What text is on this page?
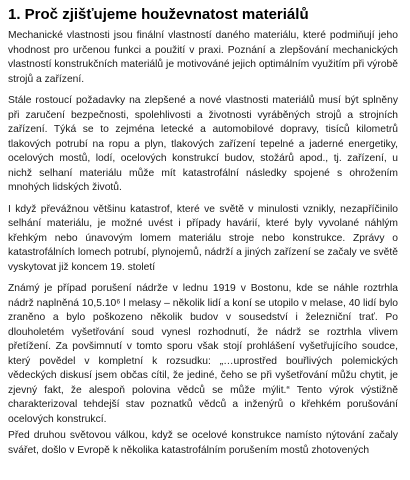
1. Proč zjišťujeme houževnatost materiálů

Mechanické vlastnosti jsou finální vlastností daného materiálu, které podmiňují jeho vhodnost pro určenou funkci a použití v praxi. Poznání a zlepšování mechanických vlastností konstrukčních materiálů je motivováné jejich optimálním využitím při výrobě strojů a zařízení.

Stále rostoucí požadavky na zlepšené a nové vlastnosti materiálů musí být splněny při zaručení bezpečnosti, spolehlivosti a životnosti vyráběných strojů a strojních zařízení. Týká se to zejména letecké a automobilové dopravy, tisíců kilometrů tlakových potrubí na ropu a plyn, tlakových zařízení tepelné a jaderné energetiky, ocelových mostů, lodí, ocelových konstrukcí budov, stožárů apod., tj. zařízení, u nichž selhaní materiálu může mít katastrofální následky spojené s ohrožením mnohých lidských životů.

I když převážnou většinu katastrof, které ve světě v minulosti vznikly, nezapříčinilo selhání materiálu, je možné uvést i případy havárií, které byly vyvolané náhlým křehkým nebo únavovým lomem materiálu stroje nebo konstrukce. Zprávy o katastrofálních lomech potrubí, plynojemů, nádrží a jiných zařízení se začaly ve světě vyskytovat již koncem 19. století

Známý je případ porušení nádrže v lednu 1919 v Bostonu, kde se náhle roztrhla nádrž naplněná 10,5.10⁶ l melasy – několik lidí a koní se utopilo v melase, 40 lidí bylo zraněno a bylo poškozeno několik budov v sousedství i železniční trať. Po dlouholetém vyšetřování soud vynesl rozhodnutí, že nádrž se roztrhla vlivem přetížení. Za povšimnutí v tomto sporu však stojí prohlášení vyšetřujícího soudce, který povědel v kompletní k rozsudku: „…uprostřed bouřlivých polemických vědeckých diskusí jsem občas cítil, že jediné, čeho se při vyšetřování můžu chytit, je zjevný fakt, že alespoň polovina vědců se může mýlit.“ Tento výrok výstižně charakterizoval tehdejší stav poznatků vědců a inženýrů o křehkém porušování ocelových konstrukcí.

Před druhou světovou válkou, když se ocelové konstrukce namísto nýtování začaly svářet, došlo v Evropě k několika katastrofálním porušením mostů zhotovených
